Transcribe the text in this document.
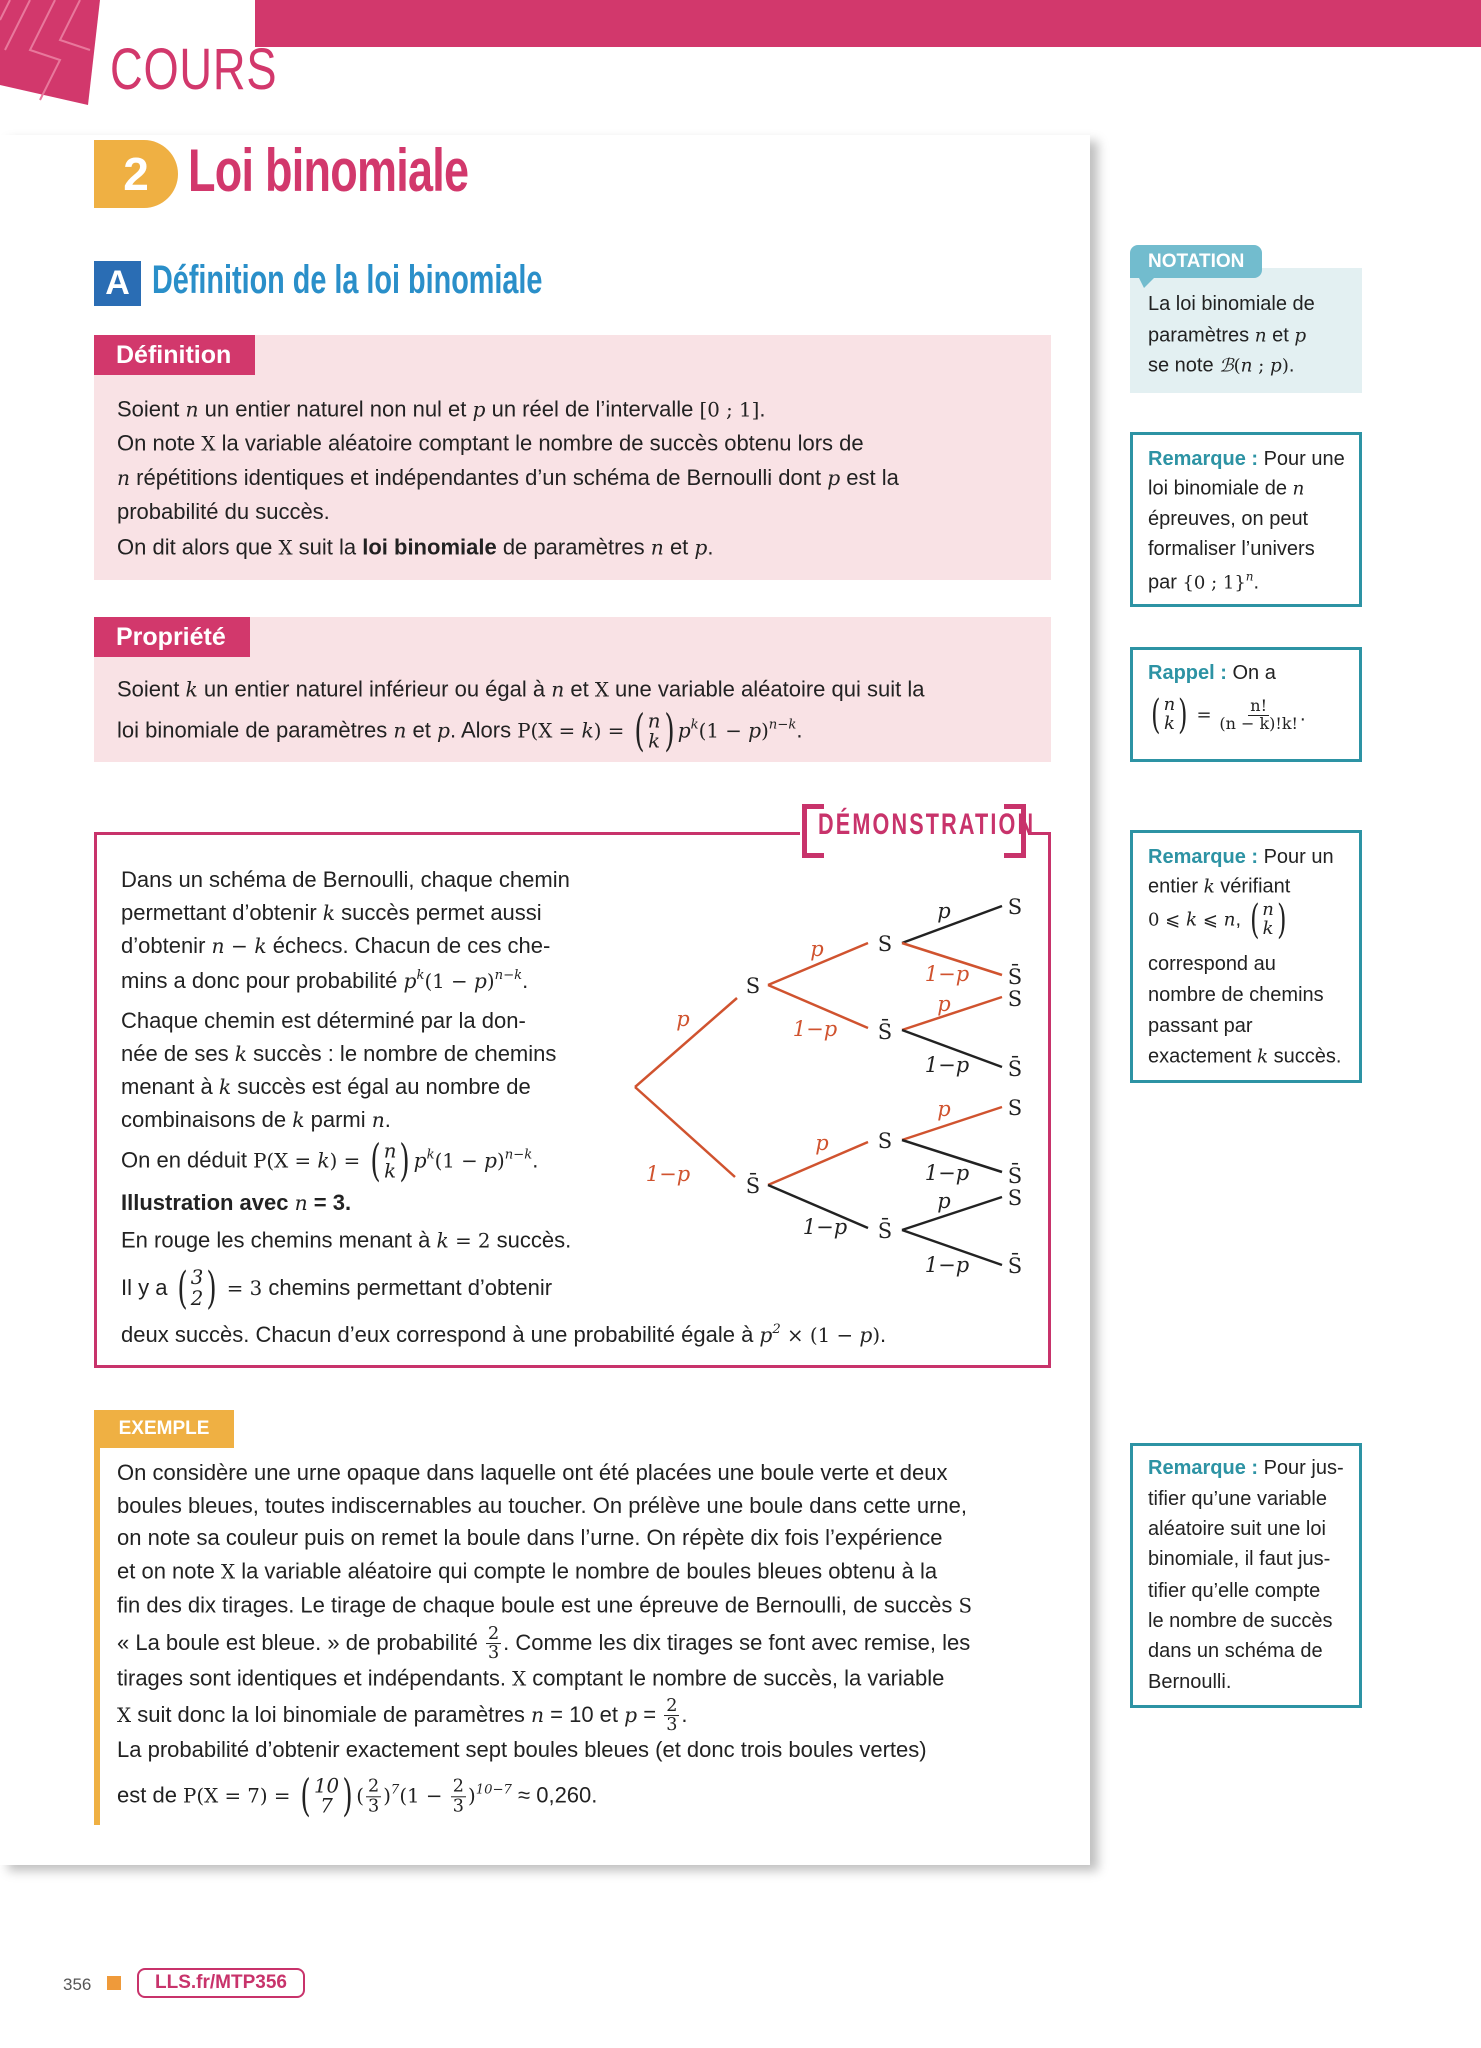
COURS
2 Loi binomiale
A Définition de la loi binomiale
Définition
Soient n un entier naturel non nul et p un réel de l’intervalle [0 ; 1].
On note X la variable aléatoire comptant le nombre de succès obtenu lors de
n répétitions identiques et indépendantes d’un schéma de Bernoulli dont p est la
probabilité du succès.
On dit alors que X suit la loi binomiale de paramètres n et p.
Propriété
Soient k un entier naturel inférieur ou égal à n et X une variable aléatoire qui suit la
loi binomiale de paramètres n et p. Alors P(X = k) = ( n
k ) $p^k(1 - p)^{n-k}$.
DÉMONSTRATION
Dans un schéma de Bernoulli, chaque chemin
permettant d’obtenir k succès permet aussi
d’obtenir n − k échecs. Chacun de ces che-
mins a donc pour probabilité $p^k(1 - p)^{n-k}$.
Chaque chemin est déterminé par la don-
née de ses k succès : le nombre de chemins
menant à k succès est égal au nombre de
combinaisons de k parmi n.
On en déduit P(X = k) = ( n
k ) $p^k(1 - p)^{n-k}$.
Illustration avec n = 3.
En rouge les chemins menant à k = 2 succès.
Il y a ( 3
2 ) = 3 chemins permettant d’obtenir
deux succès. Chacun d’eux correspond à une probabilité égale à $p^2 \times (1 - p)$.
S
S̄
S
S̄
S
S̄
S
S̄
S
S̄
S
S̄
S
S̄
p
1−p
p
1−p
p
1−p
p
1−p
p
1−p
p
1−p
p
1−p
EXEMPLE
On considère une urne opaque dans laquelle ont été placées une boule verte et deux
boules bleues, toutes indiscernables au toucher. On prélève une boule dans cette urne,
on note sa couleur puis on remet la boule dans l’urne. On répète dix fois l’expérience
et on note X la variable aléatoire qui compte le nombre de boules bleues obtenu à la
fin des dix tirages. Le tirage de chaque boule est une épreuve de Bernoulli, de succès S
« La boule est bleue. » de probabilité $\frac{2}{3}$ . Comme les dix tirages se font avec remise, les
tirages sont identiques et indépendants. X comptant le nombre de succès, la variable
X suit donc la loi binomiale de paramètres n = 10 et $p = \frac{2}{3}$ .
La probabilité d’obtenir exactement sept boules bleues (et donc trois boules vertes)
est de P(X = 7) = ( 10
7 ) ( $\frac{2}{3} )^7(1 - \frac{2}{3} )^{10-7} \approx 0,260$.
NOTATION
La loi binomiale de
paramètres n et p
se note ℬ(n ; p).
Remarque : Pour une
loi binomiale de n
épreuves, on peut
formaliser l’univers
par {0 ; 1}$^n$.
Rappel : On a
( n
k ) = $\frac{n!}{(n - k)!k!}$ .
Remarque : Pour un
entier k vérifiant
0 ⩽ k ⩽ n, ( n
k )
correspond au
nombre de chemins
passant par
exactement k succès.
Remarque : Pour jus-
tifier qu’une variable
aléatoire suit une loi
binomiale, il faut jus-
tifier qu’elle compte
le nombre de succès
dans un schéma de
Bernoulli.
356	LLS.fr/MTP356
